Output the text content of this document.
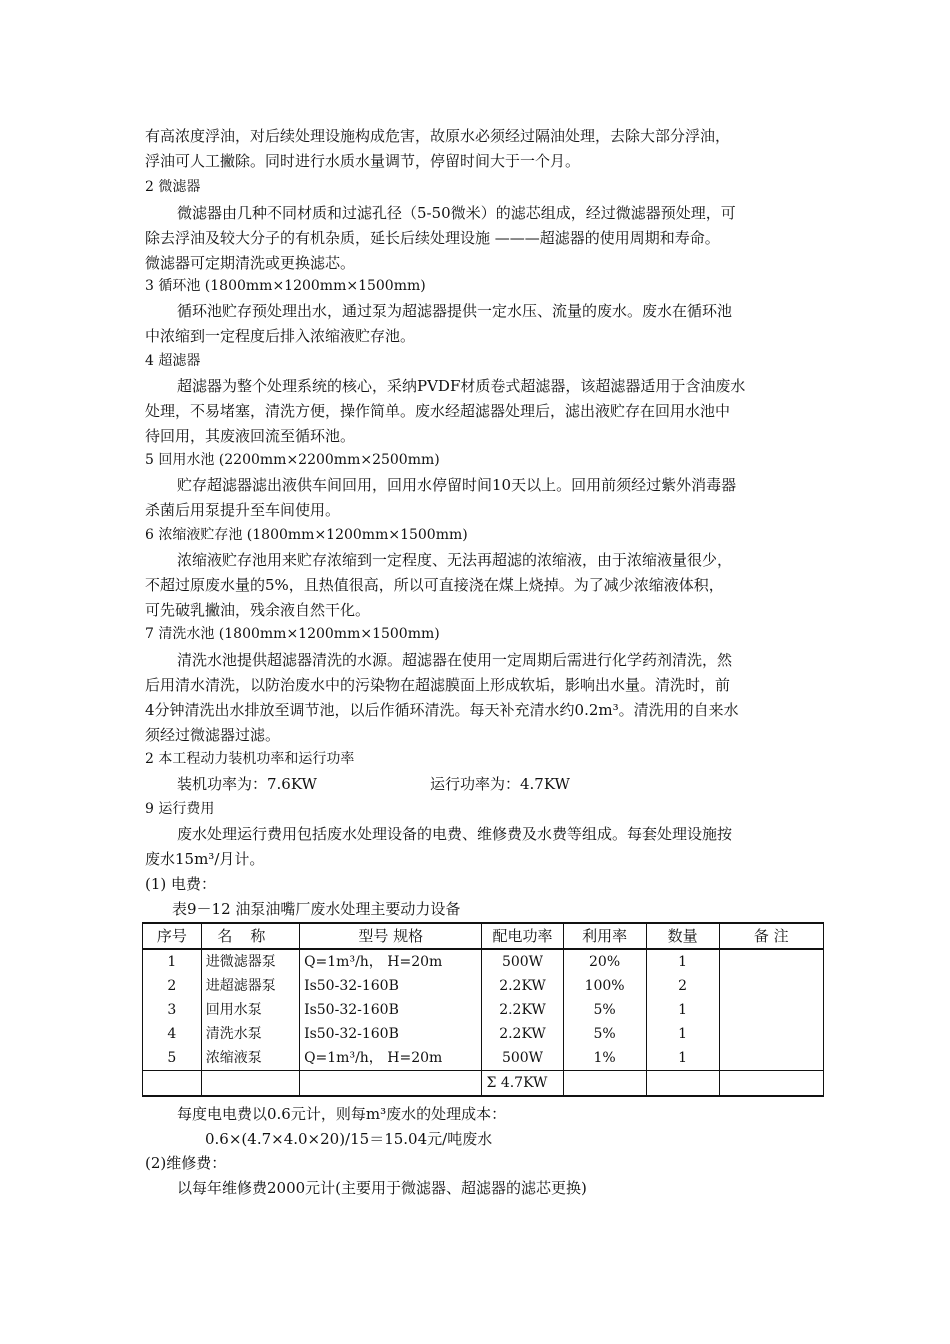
有高浓度浮油，对后续处理设施构成危害，故原水必须经过隔油处理，去除大部分浮油，
浮油可人工撇除。同时进行水质水量调节，停留时间大于一个月。
2 微滤器
微滤器由几种不同材质和过滤孔径（5-50微米）的滤芯组成，经过微滤器预处理，可
除去浮油及较大分子的有机杂质，延长后续处理设施 ———超滤器的使用周期和寿命。
微滤器可定期清洗或更换滤芯。
3 循环池 (1800mm×1200mm×1500mm)
循环池贮存预处理出水，通过泵为超滤器提供一定水压、流量的废水。废水在循环池
中浓缩到一定程度后排入浓缩液贮存池。
4 超滤器
超滤器为整个处理系统的核心，采纳PVDF材质卷式超滤器，该超滤器适用于含油废水
处理，不易堵塞，清洗方便，操作简单。废水经超滤器处理后，滤出液贮存在回用水池中
待回用，其废液回流至循环池。
5 回用水池 (2200mm×2200mm×2500mm)
贮存超滤器滤出液供车间回用，回用水停留时间10天以上。回用前须经过紫外消毒器
杀菌后用泵提升至车间使用。
6 浓缩液贮存池 (1800mm×1200mm×1500mm)
浓缩液贮存池用来贮存浓缩到一定程度、无法再超滤的浓缩液，由于浓缩液量很少，
不超过原废水量的5%，且热值很高，所以可直接浇在煤上烧掉。为了减少浓缩液体积，
可先破乳撇油，残余液自然干化。
7 清洗水池 (1800mm×1200mm×1500mm)
清洗水池提供超滤器清洗的水源。超滤器在使用一定周期后需进行化学药剂清洗，然
后用清水清洗，以防治废水中的污染物在超滤膜面上形成软垢，影响出水量。清洗时，前
4分钟清洗出水排放至调节池，以后作循环清洗。每天补充清水约0.2m³。清洗用的自来水
须经过微滤器过滤。
2 本工程动力装机功率和运行功率
装机功率为：7.6KW	运行功率为：4.7KW
9 运行费用
废水处理运行费用包括废水处理设备的电费、维修费及水费等组成。每套处理设施按
废水15m³/月计。
(1) 电费：
表9－12 油泵油嘴厂废水处理主要动力设备
序号	名称	型号 规格	配电功率	利用率	数量	备 注
1	进微滤器泵	Q=1m³/h， H=20m	500W	20%	1	
2	进超滤器泵	Is50-32-160B	2.2KW	100%	2	
3	回用水泵	Is50-32-160B	2.2KW	5%	1	
4	清洗水泵	Is50-32-160B	2.2KW	5%	1	
5	浓缩液泵	Q=1m³/h， H=20m	500W	1%	1	
			Σ 4.7KW			
每度电电费以0.6元计，则每m³废水的处理成本：
0.6×(4.7×4.0×20)/15＝15.04元/吨废水
(2)维修费：
以每年维修费2000元计(主要用于微滤器、超滤器的滤芯更换)
